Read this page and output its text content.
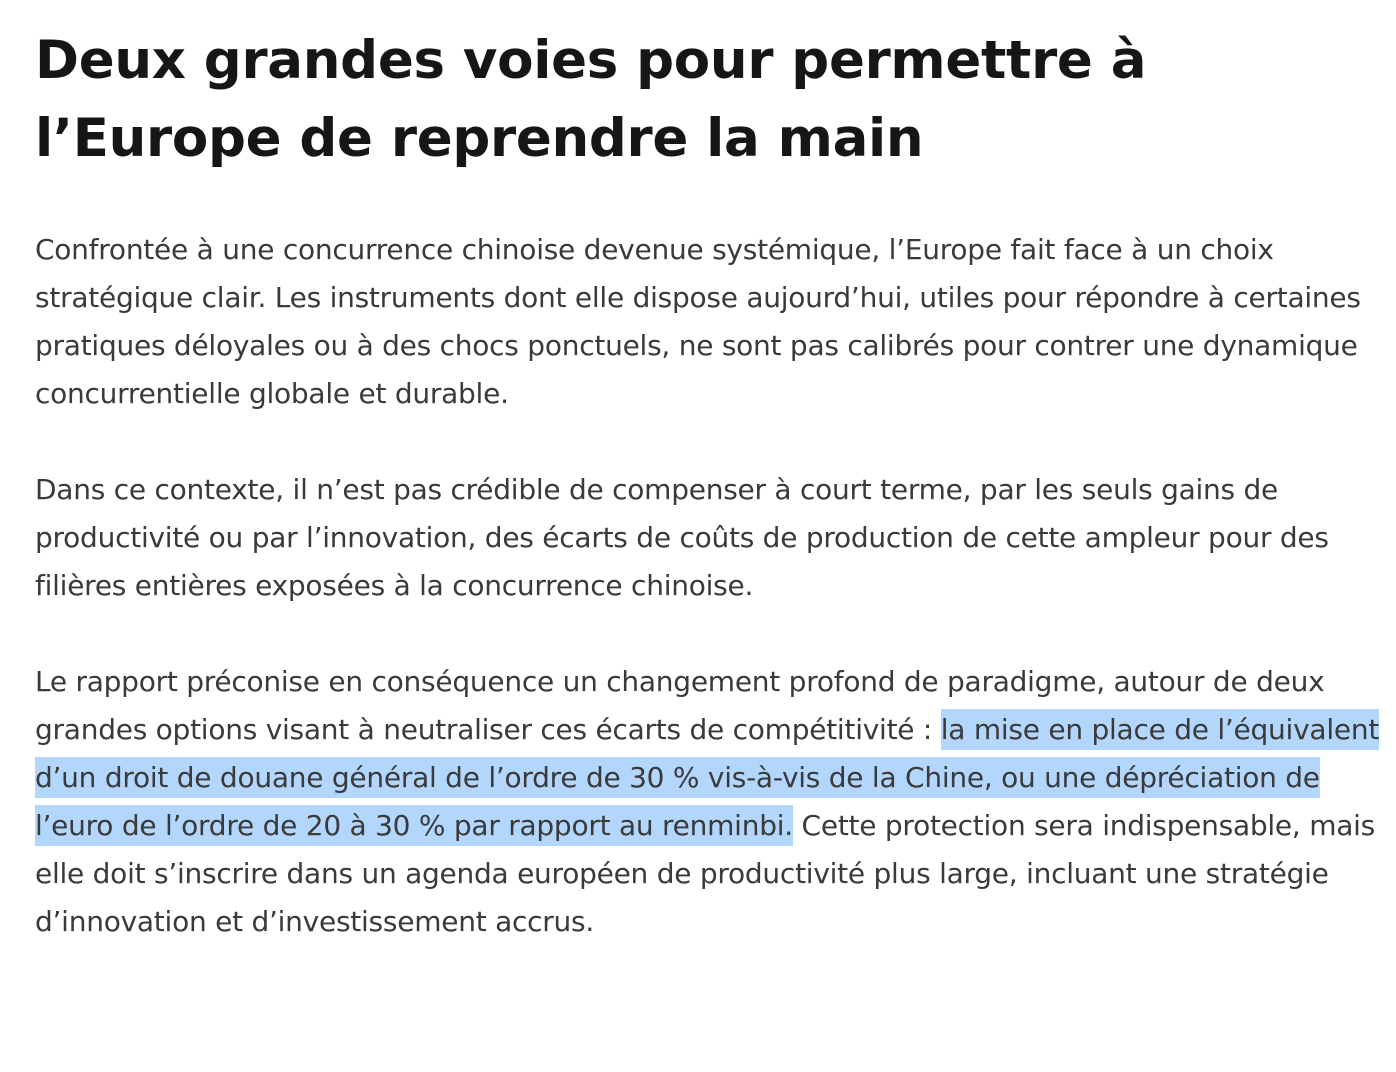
Deux grandes voies pour permettre à l’Europe de reprendre la main

Confrontée à une concurrence chinoise devenue systémique, l’Europe fait face à un choix stratégique clair. Les instruments dont elle dispose aujourd’hui, utiles pour répondre à certaines pratiques déloyales ou à des chocs ponctuels, ne sont pas calibrés pour contrer une dynamique concurrentielle globale et durable.

Dans ce contexte, il n’est pas crédible de compenser à court terme, par les seuls gains de productivité ou par l’innovation, des écarts de coûts de production de cette ampleur pour des filières entières exposées à la concurrence chinoise.

Le rapport préconise en conséquence un changement profond de paradigme, autour de deux grandes options visant à neutraliser ces écarts de compétitivité : la mise en place de l’équivalent d’un droit de douane général de l’ordre de 30 % vis-à-vis de la Chine, ou une dépréciation de l’euro de l’ordre de 20 à 30 % par rapport au renminbi. Cette protection sera indispensable, mais elle doit s’inscrire dans un agenda européen de productivité plus large, incluant une stratégie d’innovation et d’investissement accrus.
